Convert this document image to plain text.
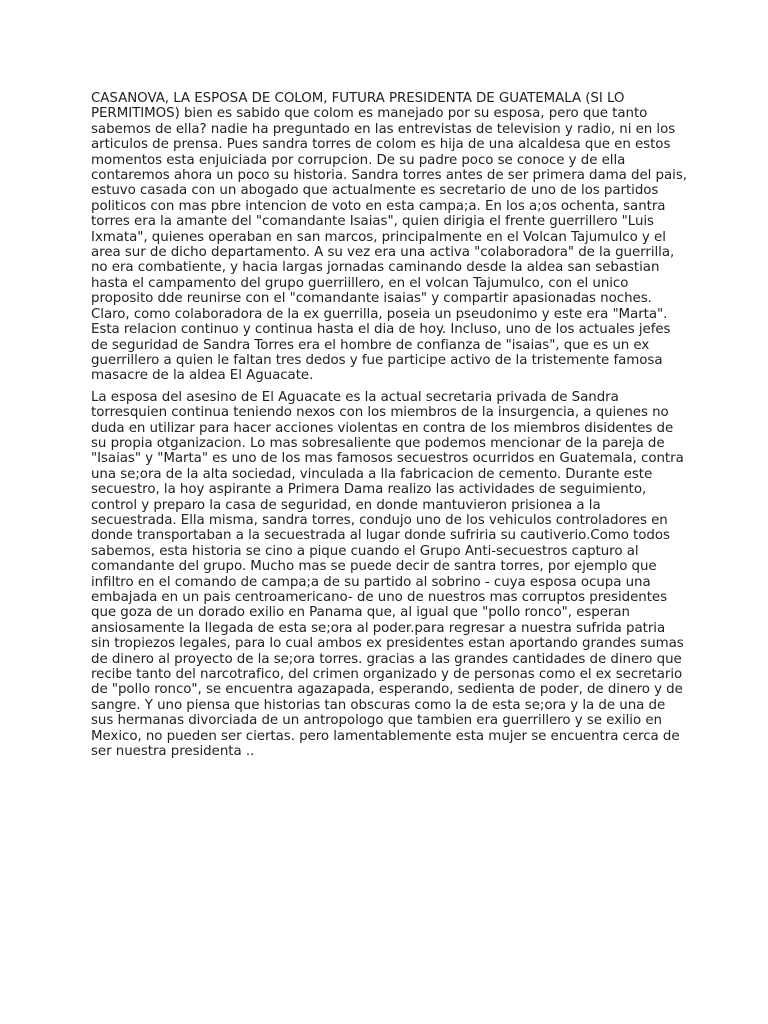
CASANOVA, LA ESPOSA DE COLOM, FUTURA PRESIDENTA DE GUATEMALA (SI LO PERMITIMOS) bien es sabido que colom es manejado por su esposa, pero que tanto sabemos de ella? nadie ha preguntado en las entrevistas de television y radio, ni en los articulos de prensa. Pues sandra torres de colom es hija de una alcaldesa que en estos momentos esta enjuiciada por corrupcion. De su padre poco se conoce y de ella contaremos ahora un poco su historia. Sandra torres antes de ser primera dama del pais, estuvo casada con un abogado que actualmente es secretario de uno de los partidos politicos con mas pbre intencion de voto en esta campa;a. En los a;os ochenta, santra torres era la amante del "comandante Isaias", quien dirigia el frente guerrillero "Luis Ixmata", quienes operaban en san marcos, principalmente en el Volcan Tajumulco y el area sur de dicho departamento. A su vez era una activa "colaboradora" de la guerrilla, no era combatiente, y hacia largas jornadas caminando desde la aldea san sebastian hasta el campamento del grupo guerriillero, en el volcan Tajumulco, con el unico proposito dde reunirse con el "comandante isaias" y compartir apasionadas noches. Claro, como colaboradora de la ex guerrilla, poseia un pseudonimo y este era "Marta". Esta relacion continuo y continua hasta el dia de hoy. Incluso, uno de los actuales jefes de seguridad de Sandra Torres era el hombre de confianza de "isaias", que es un ex guerrillero a quien le faltan tres dedos y fue participe activo de la tristemente famosa masacre de la aldea El Aguacate.

La esposa del asesino de El Aguacate es la actual secretaria privada de Sandra torresquien continua teniendo nexos con los miembros de la insurgencia, a quienes no duda en utilizar para hacer acciones violentas en contra de los miembros disidentes de su propia otganizacion. Lo mas sobresaliente que podemos mencionar de la pareja de "Isaias" y "Marta" es uno de los mas famosos secuestros ocurridos en Guatemala, contra una se;ora de la alta sociedad, vinculada a lla fabricacion de cemento. Durante este secuestro, la hoy aspirante a Primera Dama realizo las actividades de seguimiento, control y preparo la casa de seguridad, en donde mantuvieron prisionea a la secuestrada. Ella misma, sandra torres, condujo uno de los vehiculos controladores en donde transportaban a la secuestrada al lugar donde sufriria su cautiverio.Como todos sabemos, esta historia se cino a pique cuando el Grupo Anti-secuestros capturo al comandante del grupo. Mucho mas se puede decir de santra torres, por ejemplo que infiltro en el comando de campa;a de su partido al sobrino - cuya esposa ocupa una embajada en un pais centroamericano- de uno de nuestros mas corruptos presidentes que goza de un dorado exilio en Panama que, al igual que "pollo ronco", esperan ansiosamente la llegada de esta se;ora al poder.para regresar a nuestra sufrida patria sin tropiezos legales, para lo cual ambos ex presidentes estan aportando grandes sumas de dinero al proyecto de la se;ora torres. gracias a las grandes cantidades de dinero que recibe tanto del narcotrafico, del crimen organizado y de personas como el ex secretario de "pollo ronco", se encuentra agazapada, esperando, sedienta de poder, de dinero y de sangre. Y uno piensa que historias tan obscuras como la de esta se;ora y la de una de sus hermanas divorciada de un antropologo que tambien era guerrillero y se exilio en Mexico, no pueden ser ciertas. pero lamentablemente esta mujer se encuentra cerca de ser nuestra presidenta ..
